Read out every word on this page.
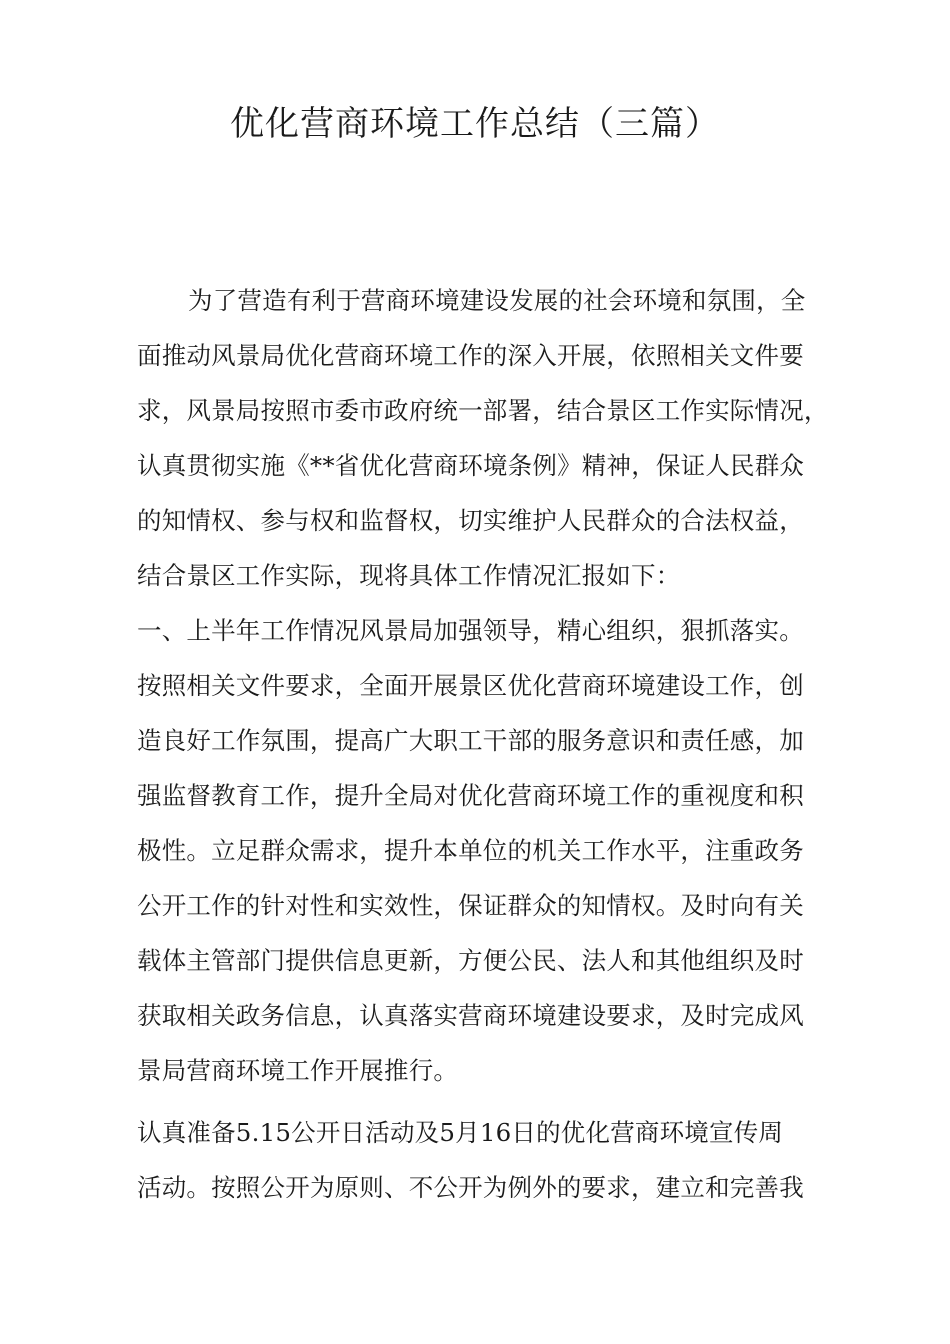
优化营商环境工作总结（三篇）
为了营造有利于营商环境建设发展的社会环境和氛围，全
面推动风景局优化营商环境工作的深入开展，依照相关文件要
求，风景局按照市委市政府统一部署，结合景区工作实际情况，
认真贯彻实施《**省优化营商环境条例》精神，保证人民群众
的知情权、参与权和监督权，切实维护人民群众的合法权益，
结合景区工作实际，现将具体工作情况汇报如下：
一、上半年工作情况风景局加强领导，精心组织，狠抓落实。
按照相关文件要求，全面开展景区优化营商环境建设工作，创
造良好工作氛围，提高广大职工干部的服务意识和责任感，加
强监督教育工作，提升全局对优化营商环境工作的重视度和积
极性。立足群众需求，提升本单位的机关工作水平，注重政务
公开工作的针对性和实效性，保证群众的知情权。及时向有关
载体主管部门提供信息更新，方便公民、法人和其他组织及时
获取相关政务信息，认真落实营商环境建设要求，及时完成风
景局营商环境工作开展推行。
认真准备5.15公开日活动及5月16日的优化营商环境宣传周
活动。按照公开为原则、不公开为例外的要求，建立和完善我
